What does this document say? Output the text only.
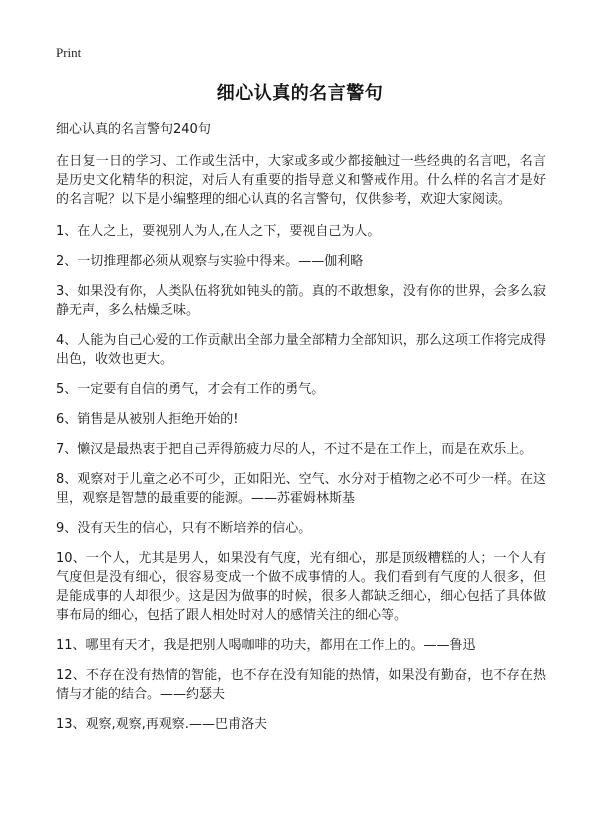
Print
细心认真的名言警句
细心认真的名言警句240句
在日复一日的学习、工作或生活中，大家或多或少都接触过一些经典的名言吧，名言是历史文化精华的积淀，对后人有重要的指导意义和警戒作用。什么样的名言才是好的名言呢？以下是小编整理的细心认真的名言警句，仅供参考，欢迎大家阅读。
1、在人之上，要视别人为人,在人之下，要视自己为人。
2、一切推理都必须从观察与实验中得来。——伽利略
3、如果没有你，人类队伍将犹如钝头的箭。真的不敢想象，没有你的世界，会多么寂静无声，多么枯燥乏味。
4、人能为自己心爱的工作贡献出全部力量全部精力全部知识，那么这项工作将完成得出色，收效也更大。
5、一定要有自信的勇气，才会有工作的勇气。
6、销售是从被别人拒绝开始的!
7、懒汉是最热衷于把自己弄得筋疲力尽的人，不过不是在工作上，而是在欢乐上。
8、观察对于儿童之必不可少，正如阳光、空气、水分对于植物之必不可少一样。在这里，观察是智慧的最重要的能源。——苏霍姆林斯基
9、没有天生的信心，只有不断培养的信心。
10、一个人，尤其是男人，如果没有气度，光有细心，那是顶级糟糕的人；一个人有气度但是没有细心，很容易变成一个做不成事情的人。我们看到有气度的人很多，但是能成事的人却很少。这是因为做事的时候，很多人都缺乏细心，细心包括了具体做事布局的细心，包括了跟人相处时对人的感情关注的细心等。
11、哪里有天才，我是把别人喝咖啡的功夫，都用在工作上的。——鲁迅
12、不存在没有热情的智能，也不存在没有知能的热情，如果没有勤奋，也不存在热情与才能的结合。——约瑟夫
13、观察,观察,再观察.——巴甫洛夫
